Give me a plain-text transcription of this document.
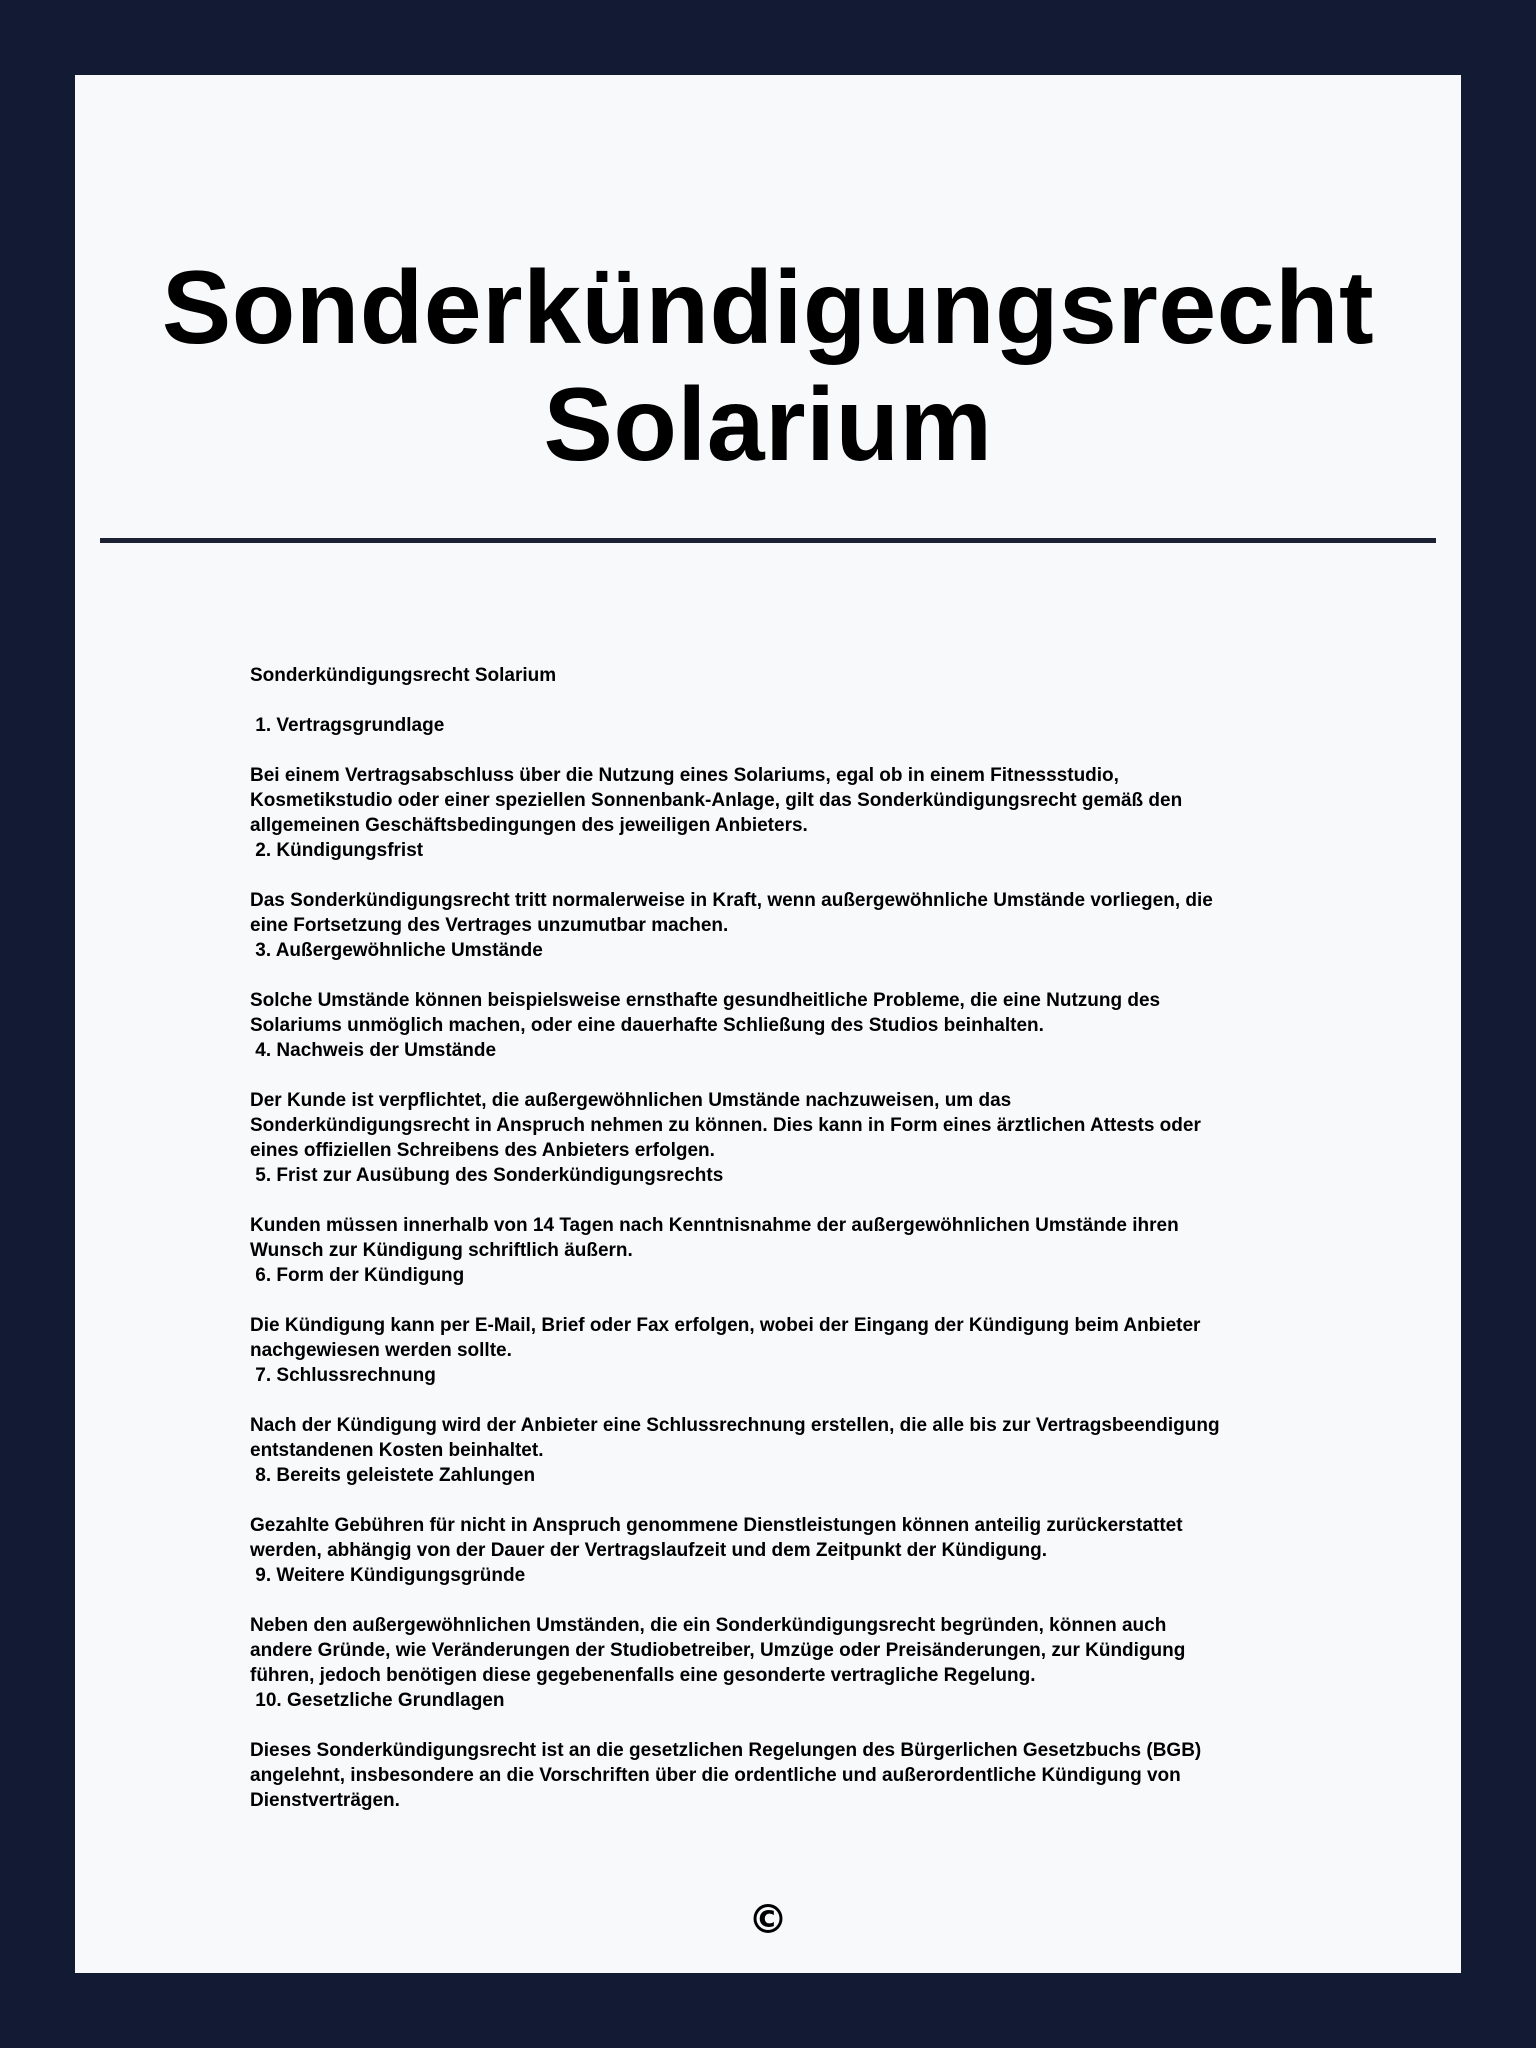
Sonderkündigungsrecht
Solarium

Sonderkündigungsrecht Solarium

1. Vertragsgrundlage

Bei einem Vertragsabschluss über die Nutzung eines Solariums, egal ob in einem Fitnessstudio,
Kosmetikstudio oder einer speziellen Sonnenbank-Anlage, gilt das Sonderkündigungsrecht gemäß den
allgemeinen Geschäftsbedingungen des jeweiligen Anbieters.

2. Kündigungsfrist

Das Sonderkündigungsrecht tritt normalerweise in Kraft, wenn außergewöhnliche Umstände vorliegen, die
eine Fortsetzung des Vertrages unzumutbar machen.

3. Außergewöhnliche Umstände

Solche Umstände können beispielsweise ernsthafte gesundheitliche Probleme, die eine Nutzung des
Solariums unmöglich machen, oder eine dauerhafte Schließung des Studios beinhalten.

4. Nachweis der Umstände

Der Kunde ist verpflichtet, die außergewöhnlichen Umstände nachzuweisen, um das
Sonderkündigungsrecht in Anspruch nehmen zu können. Dies kann in Form eines ärztlichen Attests oder
eines offiziellen Schreibens des Anbieters erfolgen.

5. Frist zur Ausübung des Sonderkündigungsrechts

Kunden müssen innerhalb von 14 Tagen nach Kenntnisnahme der außergewöhnlichen Umstände ihren
Wunsch zur Kündigung schriftlich äußern.

6. Form der Kündigung

Die Kündigung kann per E-Mail, Brief oder Fax erfolgen, wobei der Eingang der Kündigung beim Anbieter
nachgewiesen werden sollte.

7. Schlussrechnung

Nach der Kündigung wird der Anbieter eine Schlussrechnung erstellen, die alle bis zur Vertragsbeendigung
entstandenen Kosten beinhaltet.

8. Bereits geleistete Zahlungen

Gezahlte Gebühren für nicht in Anspruch genommene Dienstleistungen können anteilig zurückerstattet
werden, abhängig von der Dauer der Vertragslaufzeit und dem Zeitpunkt der Kündigung.

9. Weitere Kündigungsgründe

Neben den außergewöhnlichen Umständen, die ein Sonderkündigungsrecht begründen, können auch
andere Gründe, wie Veränderungen der Studiobetreiber, Umzüge oder Preisänderungen, zur Kündigung
führen, jedoch benötigen diese gegebenenfalls eine gesonderte vertragliche Regelung.

10. Gesetzliche Grundlagen

Dieses Sonderkündigungsrecht ist an die gesetzlichen Regelungen des Bürgerlichen Gesetzbuchs (BGB)
angelehnt, insbesondere an die Vorschriften über die ordentliche und außerordentliche Kündigung von
Dienstverträgen.

©
